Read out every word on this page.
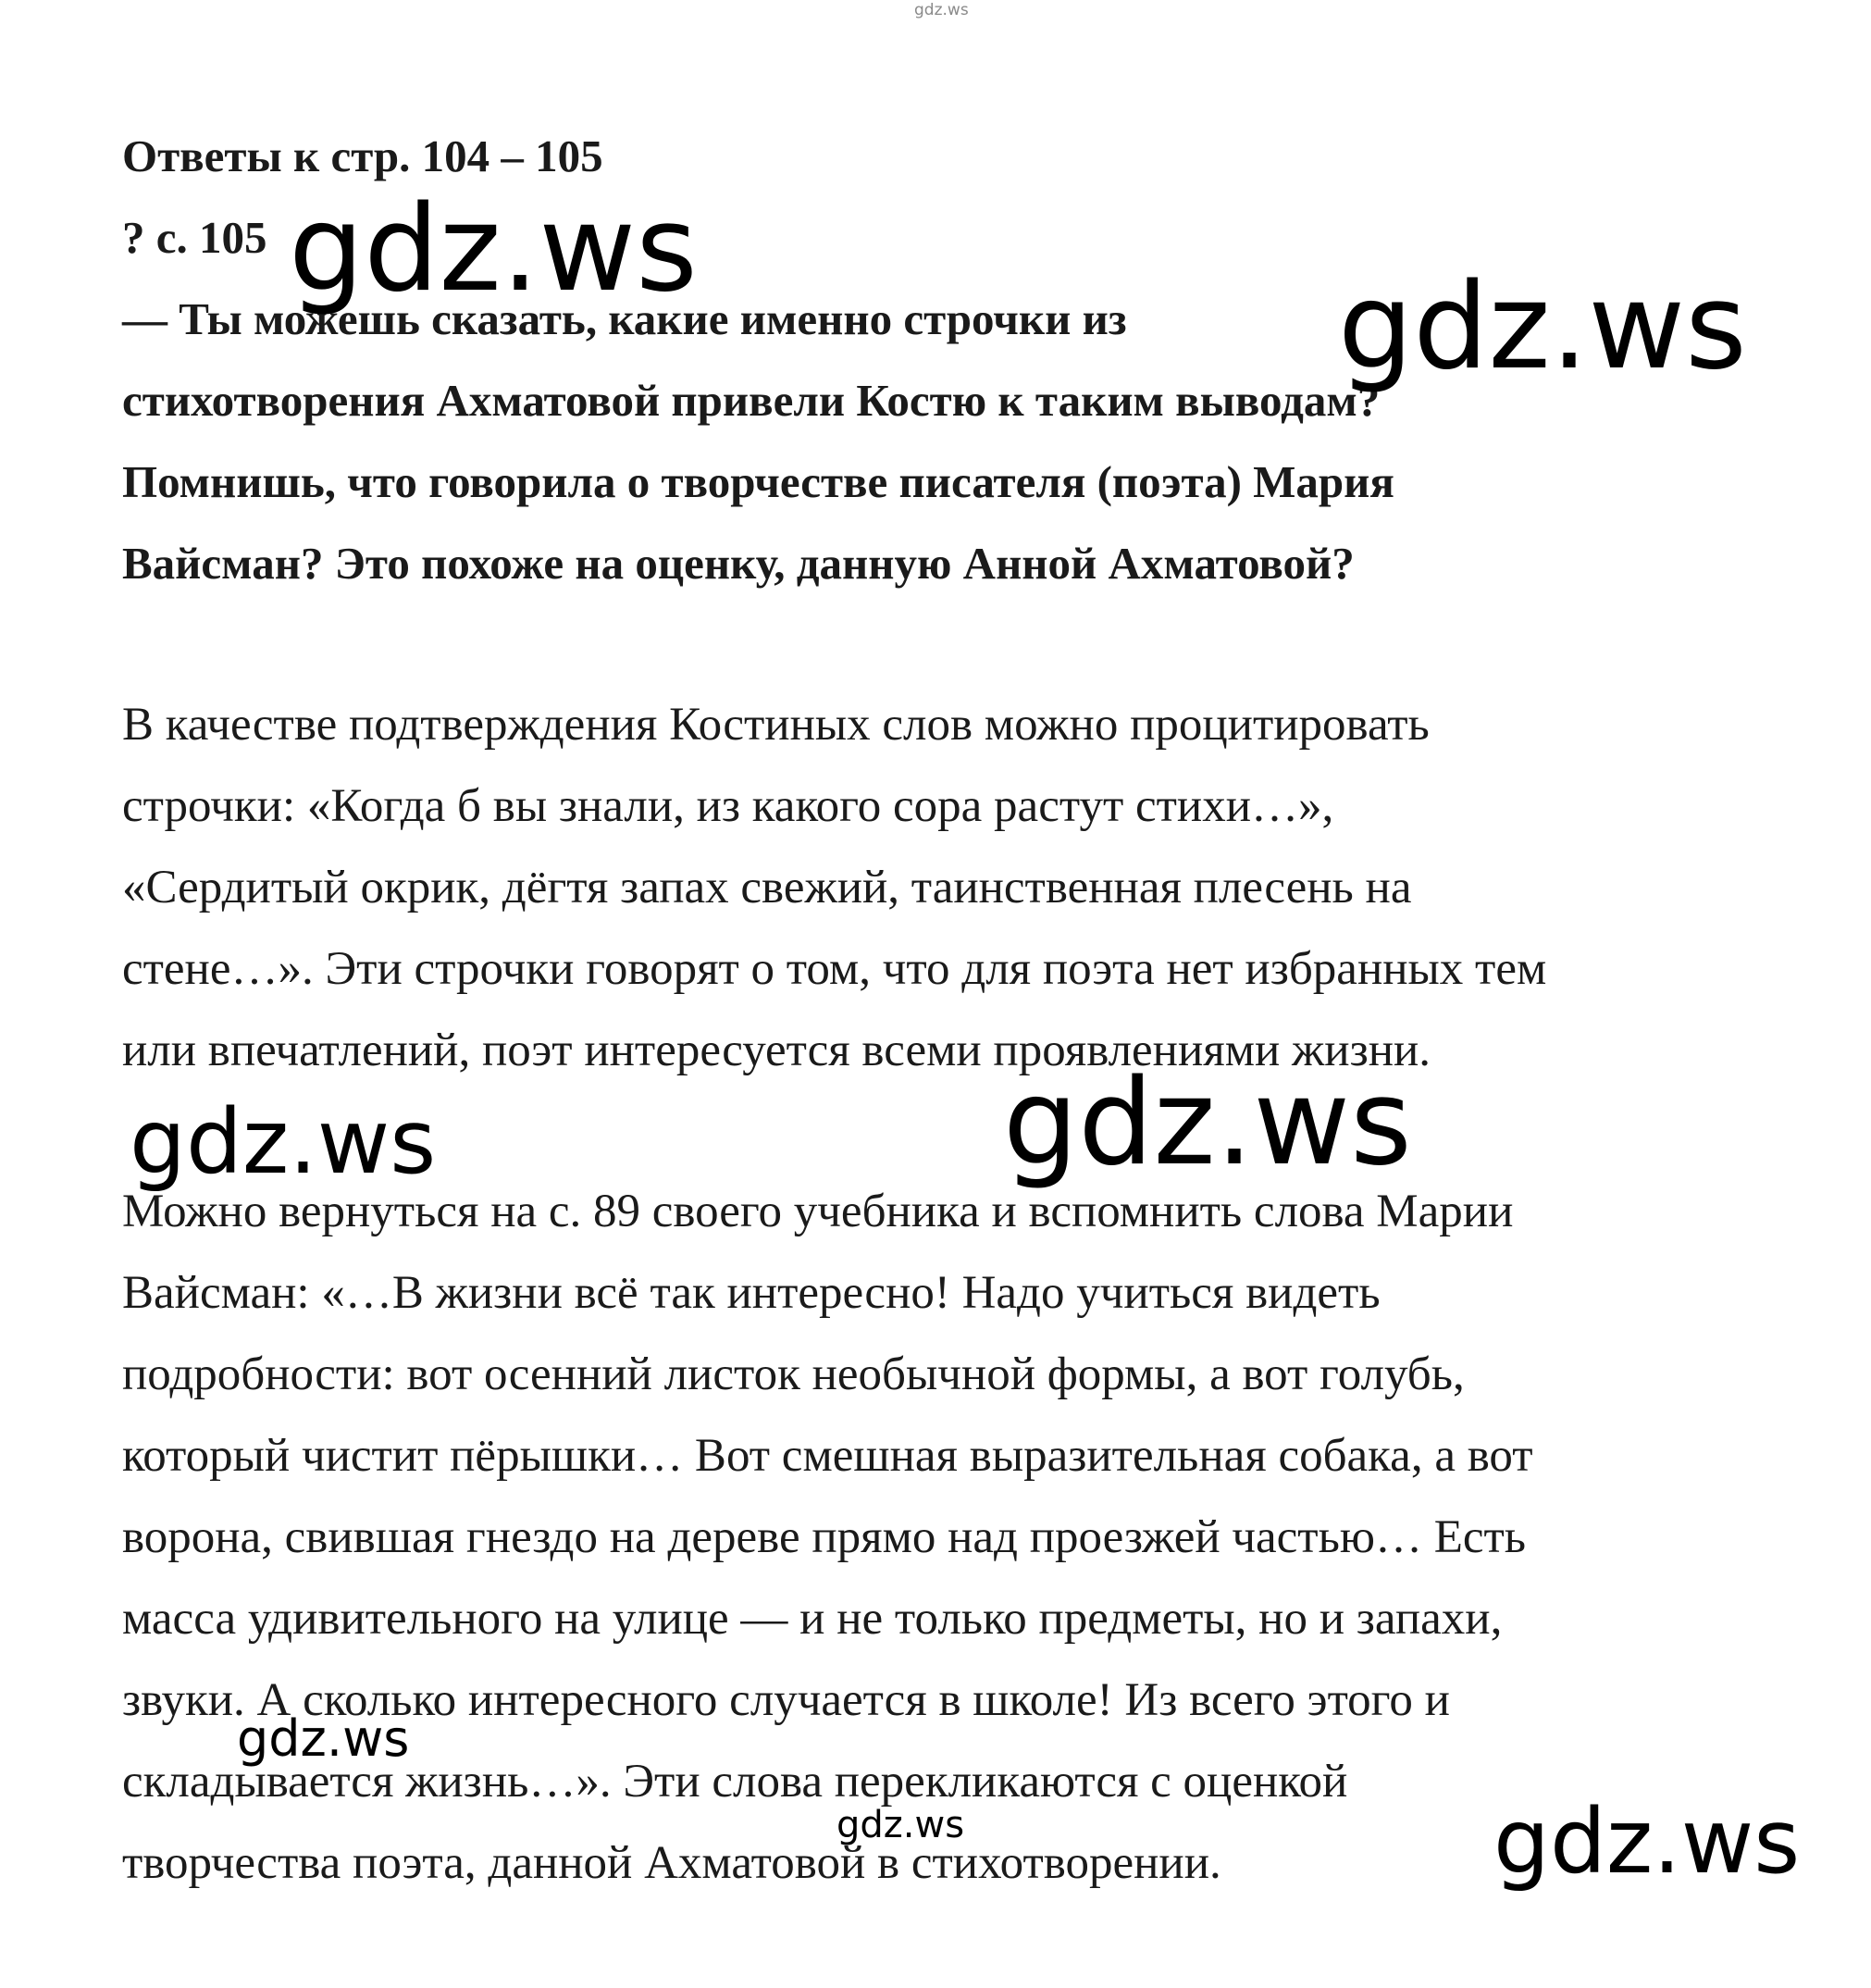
Ответы к стр. 104 – 105
? с. 105
— Ты можешь сказать, какие именно строчки из
стихотворения Ахматовой привели Костю к таким выводам?
Помнишь, что говорила о творчестве писателя (поэта) Мария
Вайсман? Это похоже на оценку, данную Анной Ахматовой?
В качестве подтверждения Костиных слов можно процитировать
строчки: «Когда б вы знали, из какого сора растут стихи…»,
«Сердитый окрик, дёгтя запах свежий, таинственная плесень на
стене…». Эти строчки говорят о том, что для поэта нет избранных тем
или впечатлений, поэт интересуется всеми проявлениями жизни.
Можно вернуться на с. 89 своего учебника и вспомнить слова Марии
Вайсман: «…В жизни всё так интересно! Надо учиться видеть
подробности: вот осенний листок необычной формы, а вот голубь,
который чистит пёрышки… Вот смешная выразительная собака, а вот
ворона, свившая гнездо на дереве прямо над проезжей частью… Есть
масса удивительного на улице — и не только предметы, но и запахи,
звуки. А сколько интересного случается в школе! Из всего этого и
складывается жизнь…». Эти слова перекликаются с оценкой
творчества поэта, данной Ахматовой в стихотворении.
gdz.ws
gdz.ws
gdz.ws
gdz.ws	gdz.ws
gdz.ws
gdz.ws	gdz.ws
